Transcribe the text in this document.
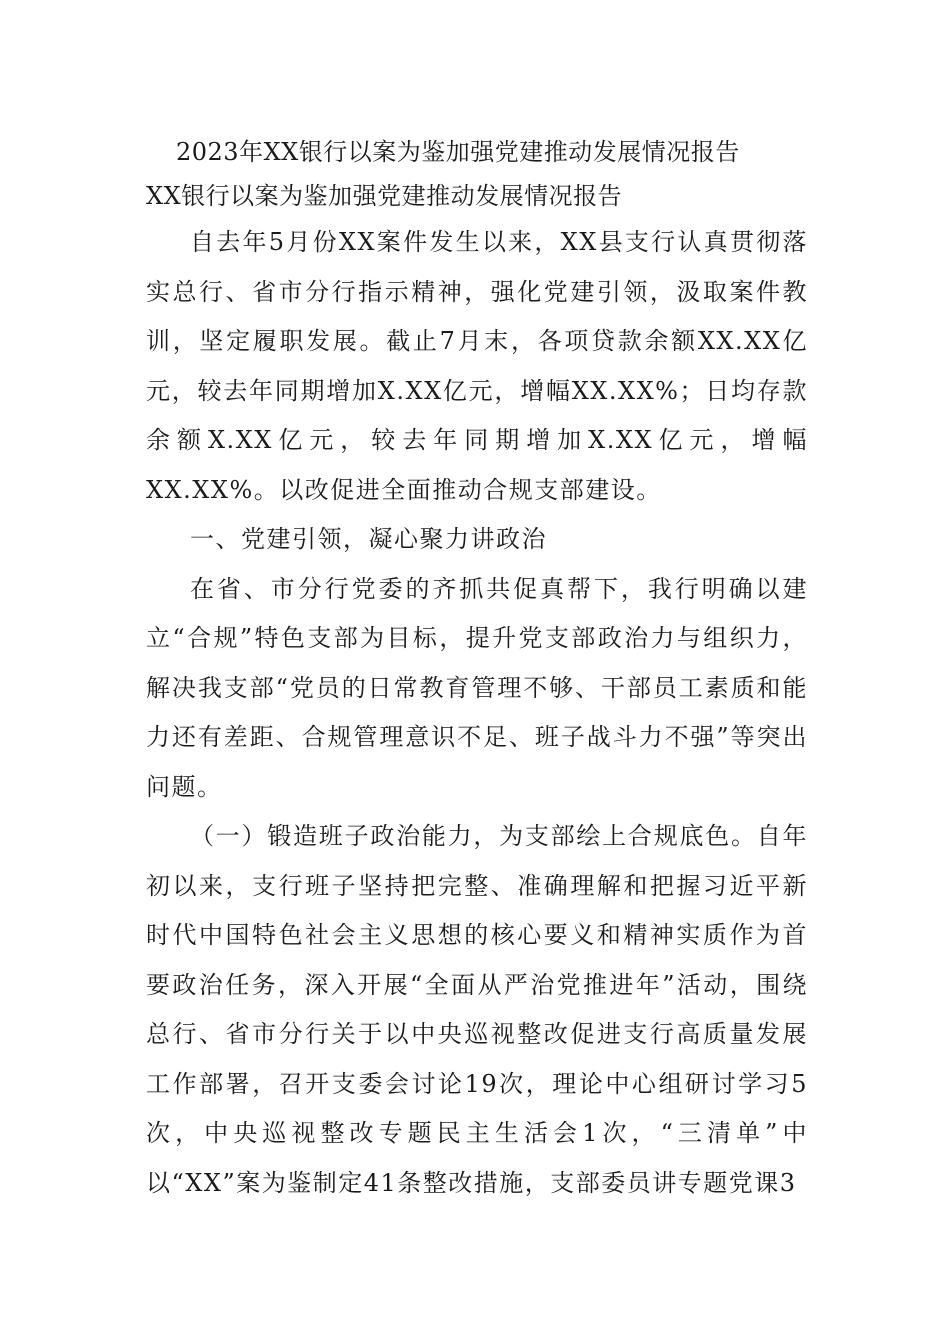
2023年XX银行以案为鉴加强党建推动发展情况报告

XX银行以案为鉴加强党建推动发展情况报告

自去年5月份XX案件发生以来，XX县支行认真贯彻落实总行、省市分行指示精神，强化党建引领，汲取案件教训，坚定履职发展。截止7月末，各项贷款余额XX.XX亿元，较去年同期增加X.XX亿元，增幅XX.XX%；日均存款余额X.XX亿元，较去年同期增加X.XX亿元，增幅XX.XX%。以改促进全面推动合规支部建设。

一、党建引领，凝心聚力讲政治

在省、市分行党委的齐抓共促真帮下，我行明确以建立“合规”特色支部为目标，提升党支部政治力与组织力，解决我支部“党员的日常教育管理不够、干部员工素质和能力还有差距、合规管理意识不足、班子战斗力不强”等突出问题。

（一）锻造班子政治能力，为支部绘上合规底色。自年初以来，支行班子坚持把完整、准确理解和把握习近平新时代中国特色社会主义思想的核心要义和精神实质作为首要政治任务，深入开展“全面从严治党推进年”活动，围绕总行、省市分行关于以中央巡视整改促进支行高质量发展工作部署，召开支委会讨论19次，理论中心组研讨学习5次，中央巡视整改专题民主生活会1次，“三清单”中以“XX”案为鉴制定41条整改措施，支部委员讲专题党课3
